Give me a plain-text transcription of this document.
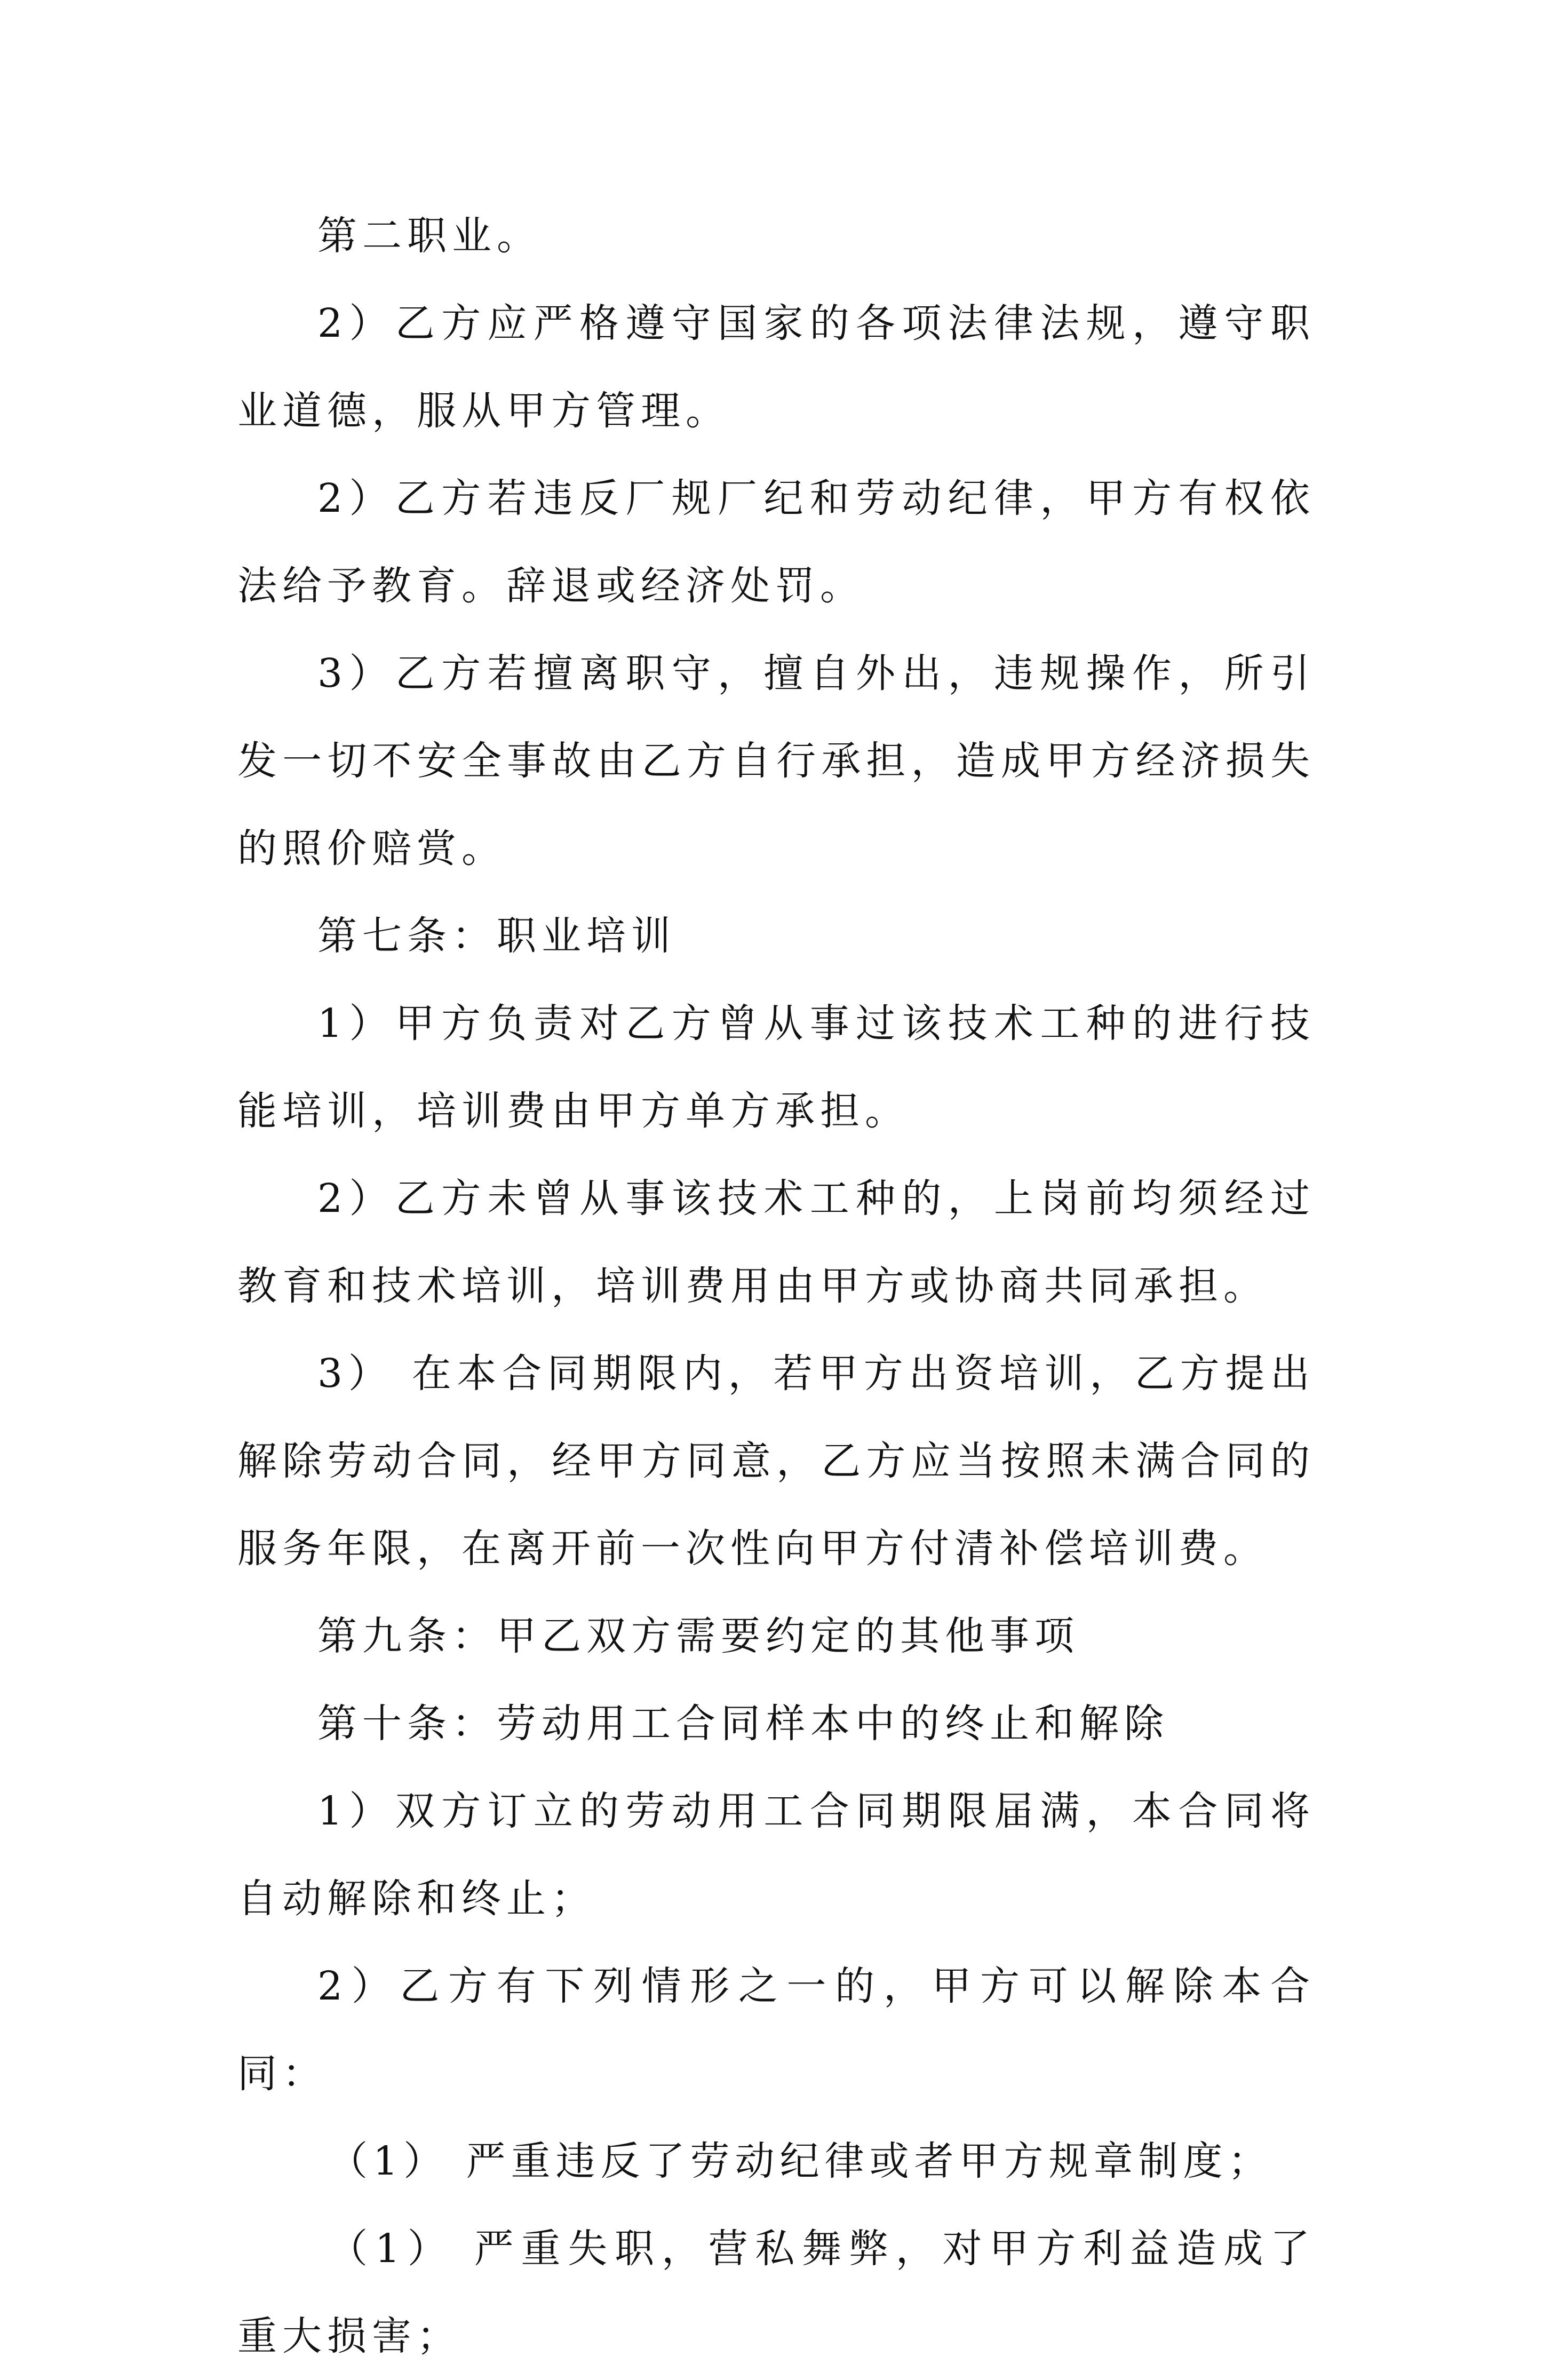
第二职业。

2）乙方应严格遵守国家的各项法律法规，遵守职业道德，服从甲方管理。

2）乙方若违反厂规厂纪和劳动纪律，甲方有权依法给予教育。辞退或经济处罚。

3）乙方若擅离职守，擅自外出，违规操作，所引发一切不安全事故由乙方自行承担，造成甲方经济损失的照价赔赏。

第七条：职业培训

1）甲方负责对乙方曾从事过该技术工种的进行技能培训，培训费由甲方单方承担。

2）乙方未曾从事该技术工种的，上岗前均须经过教育和技术培训，培训费用由甲方或协商共同承担。

3） 在本合同期限内，若甲方出资培训，乙方提出解除劳动合同，经甲方同意，乙方应当按照未满合同的服务年限，在离开前一次性向甲方付清补偿培训费。

第九条：甲乙双方需要约定的其他事项

第十条：劳动用工合同样本中的终止和解除

1）双方订立的劳动用工合同期限届满，本合同将自动解除和终止；

2）乙方有下列情形之一的，甲方可以解除本合同：

（1） 严重违反了劳动纪律或者甲方规章制度；

（1） 严重失职，营私舞弊，对甲方利益造成了重大损害；
